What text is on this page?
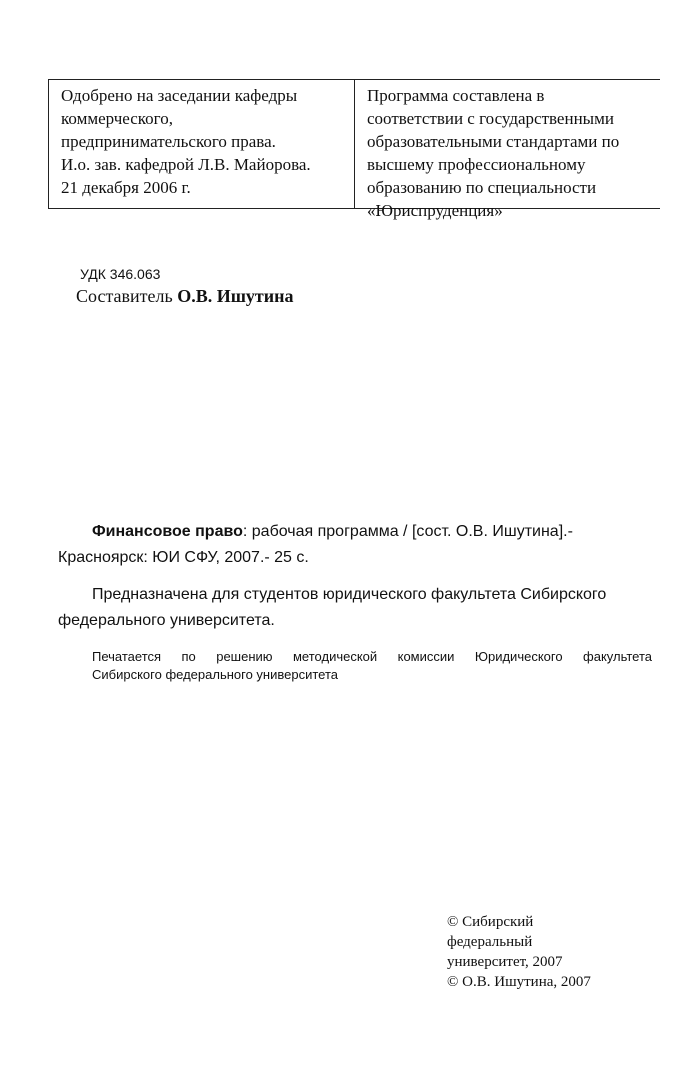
Одобрено на заседании кафедры
коммерческого,
предпринимательского права.
И.о. зав. кафедрой Л.В. Майорова.
21 декабря 2006 г.
Программа составлена в
соответствии с государственными
образовательными стандартами по
высшему профессиональному
образованию по специальности
«Юриспруденция»
УДК 346.063
Составитель О.В. Ишутина
Финансовое право: рабочая программа / [сост. О.В. Ишутина].-
Красноярск: ЮИ СФУ, 2007.- 25 с.
Предназначена для студентов юридического факультета Сибирского
федерального университета.
Печатается по решению методической комиссии Юридического факультета
Сибирского федерального университета
© Сибирский
федеральный
университет, 2007
© О.В. Ишутина, 2007
